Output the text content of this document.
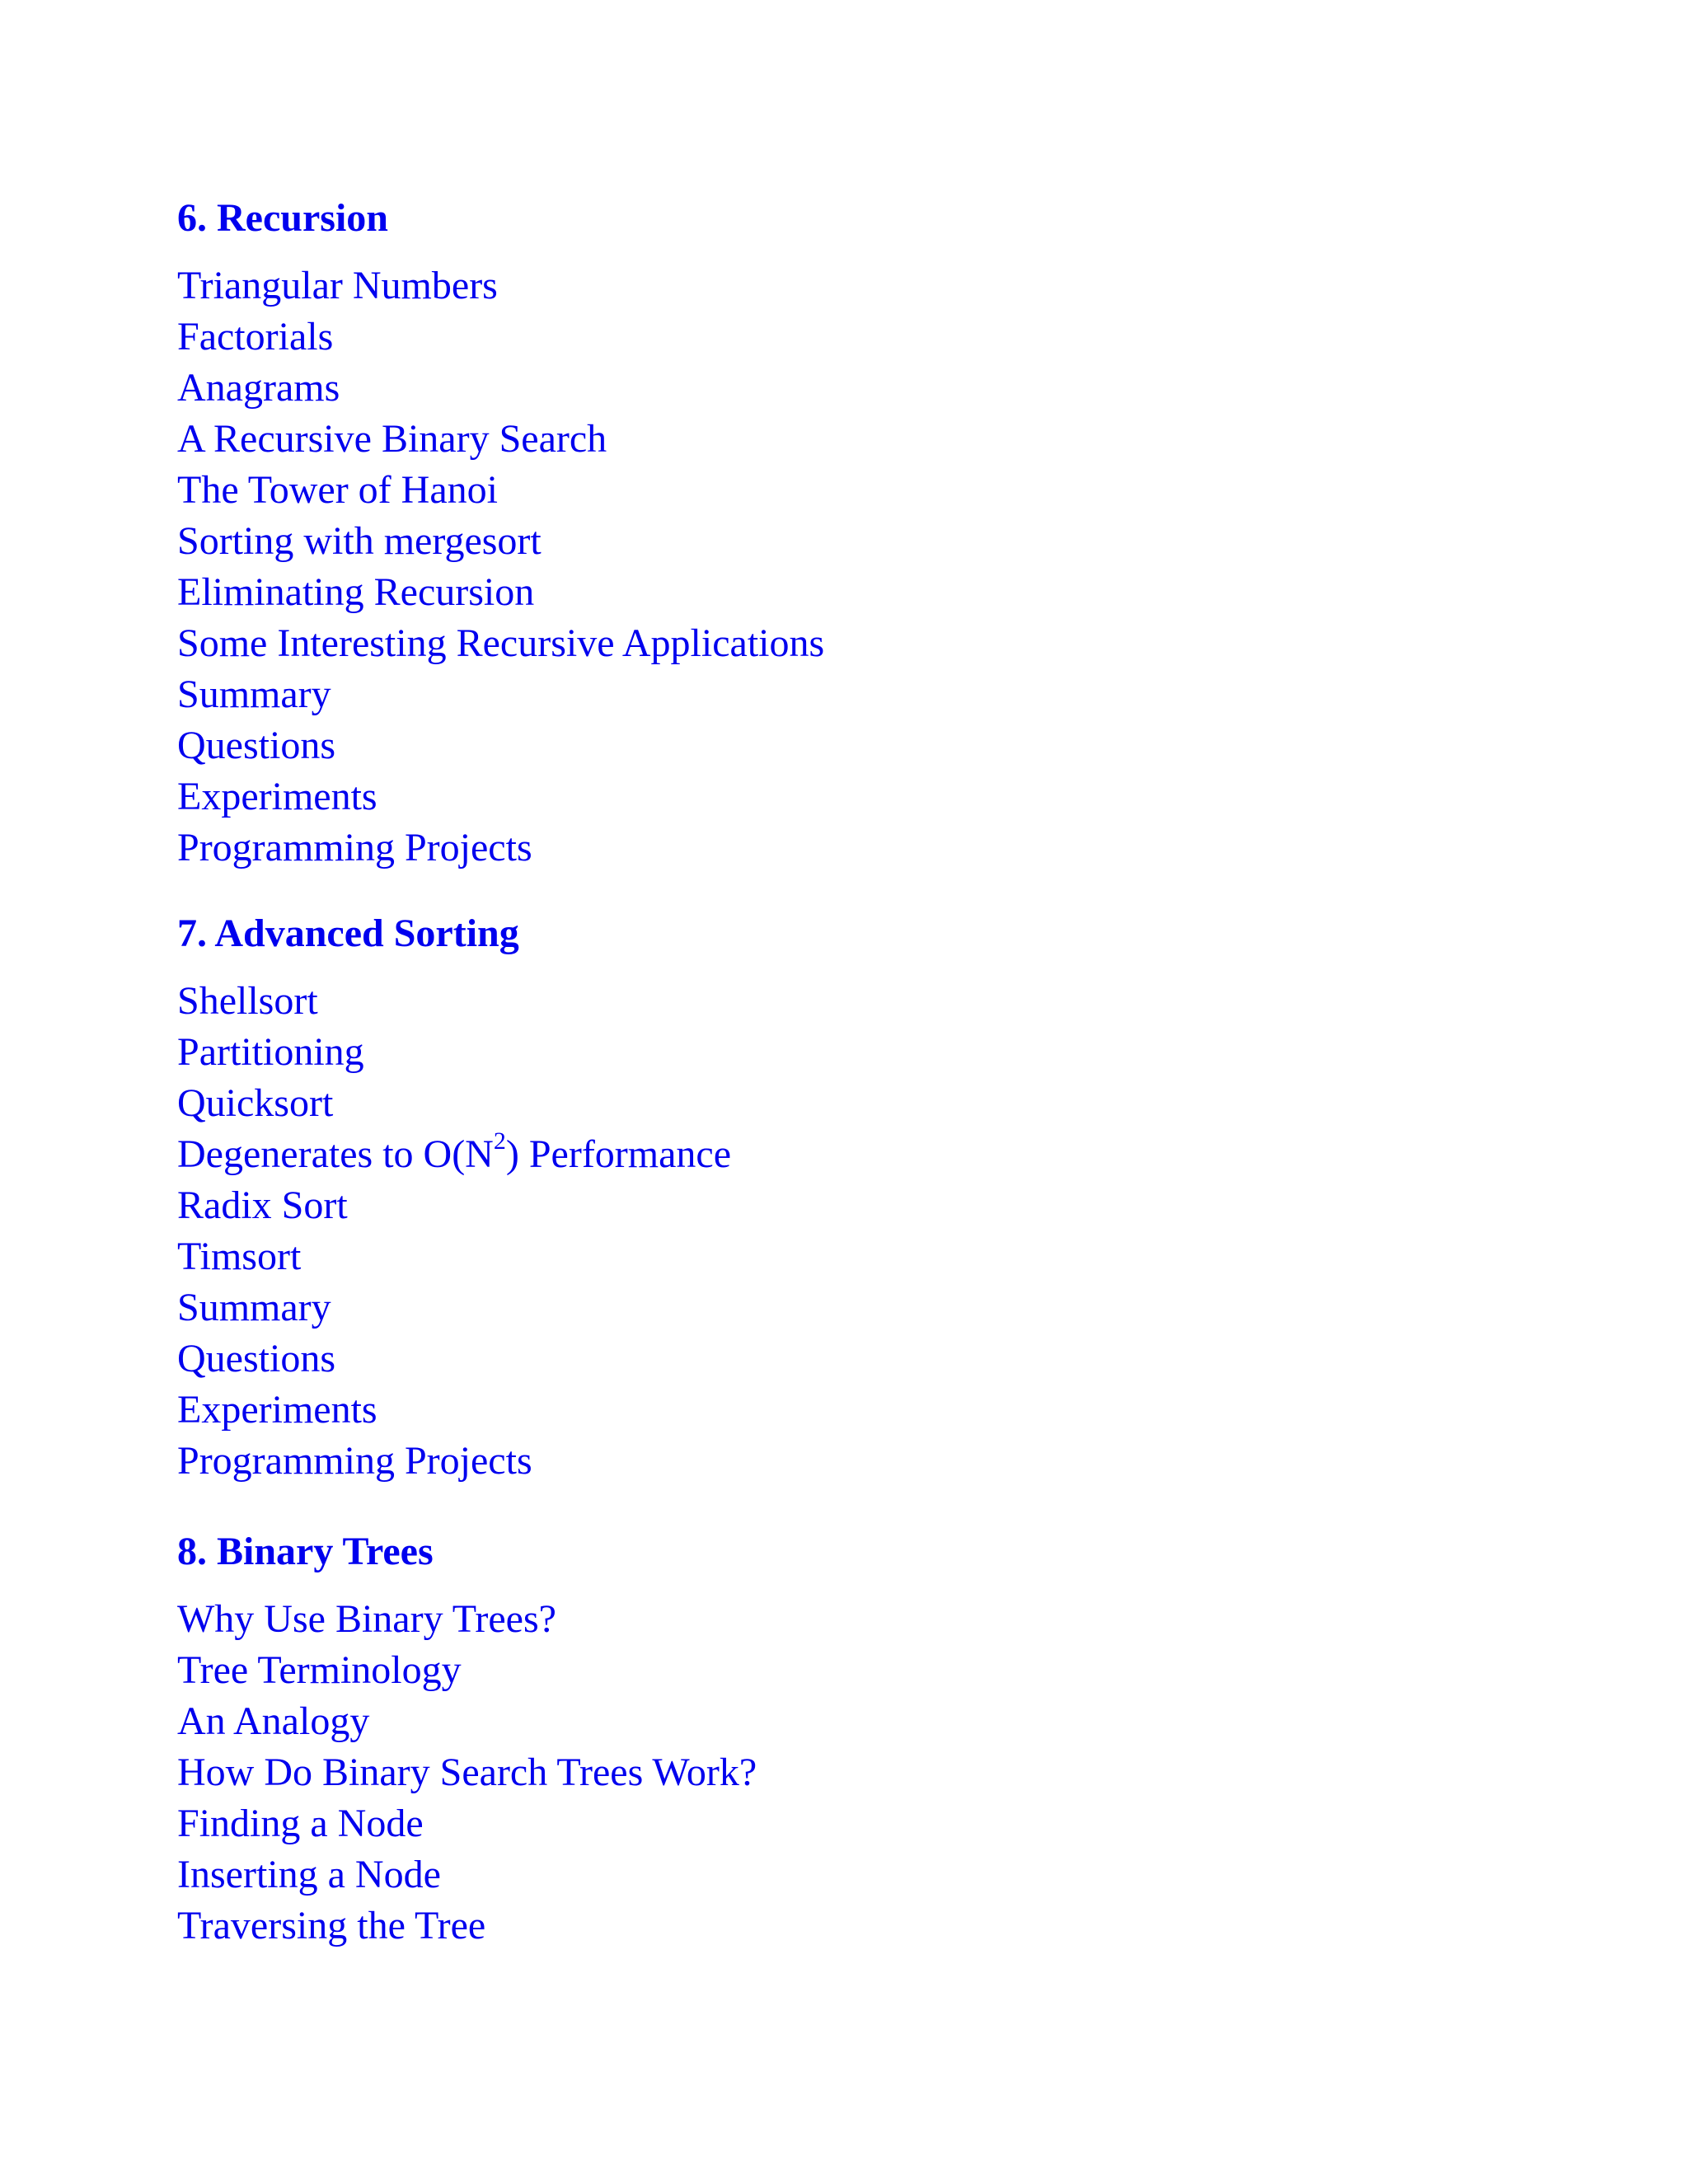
6. Recursion
Triangular Numbers
Factorials
Anagrams
A Recursive Binary Search
The Tower of Hanoi
Sorting with mergesort
Eliminating Recursion
Some Interesting Recursive Applications
Summary
Questions
Experiments
Programming Projects
7. Advanced Sorting
Shellsort
Partitioning
Quicksort
Degenerates to $O(N^2)$ Performance
Radix Sort
Timsort
Summary
Questions
Experiments
Programming Projects
8. Binary Trees
Why Use Binary Trees?
Tree Terminology
An Analogy
How Do Binary Search Trees Work?
Finding a Node
Inserting a Node
Traversing the Tree
